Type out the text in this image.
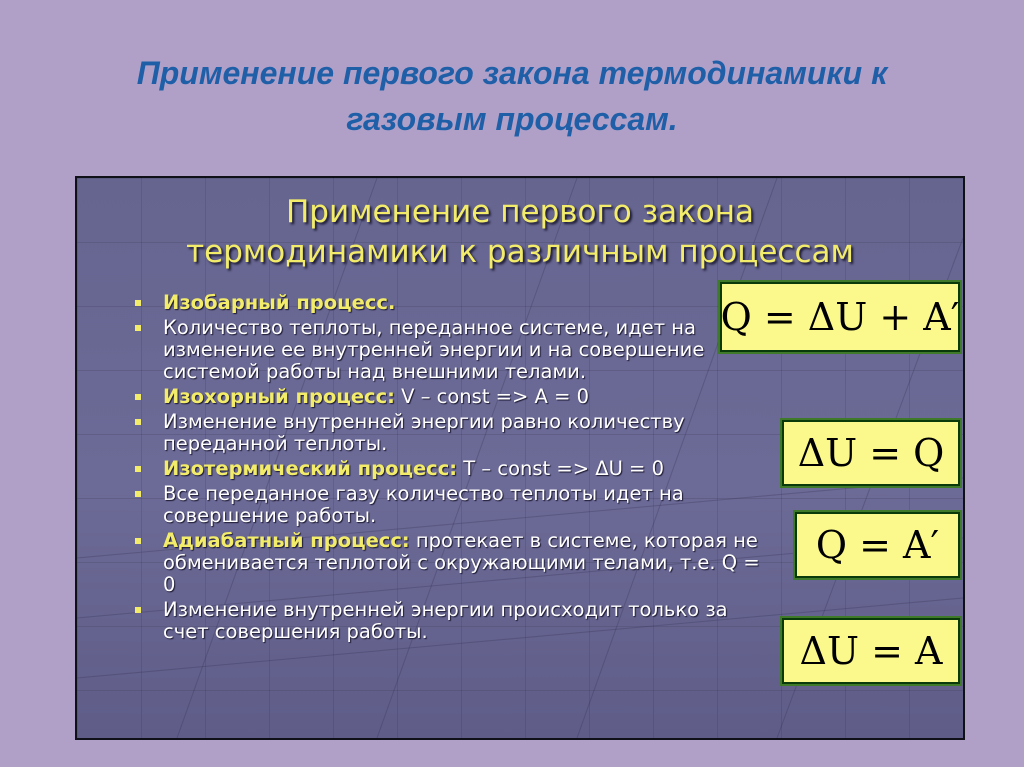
Применение первого закона термодинамики к
газовым процессам.
Применение первого закона
термодинамики к различным процессам
Изобарный процесс.
Количество теплоты, переданное системе, идет на изменение ее внутренней энергии и на совершение системой работы над внешними телами.
Изохорный процесс: V – const => A = 0
Изменение внутренней энергии равно количеству переданной теплоты.
Изотермический процесс: T – const => ΔU = 0
Все переданное газу количество теплоты идет на совершение работы.
Адиабатный процесс: протекает в системе, которая не обменивается теплотой с окружающими телами, т.е. Q = 0
Изменение внутренней энергии происходит только за счет совершения работы.
Q = ΔU + A′
ΔU = Q
Q = A′
ΔU = A
